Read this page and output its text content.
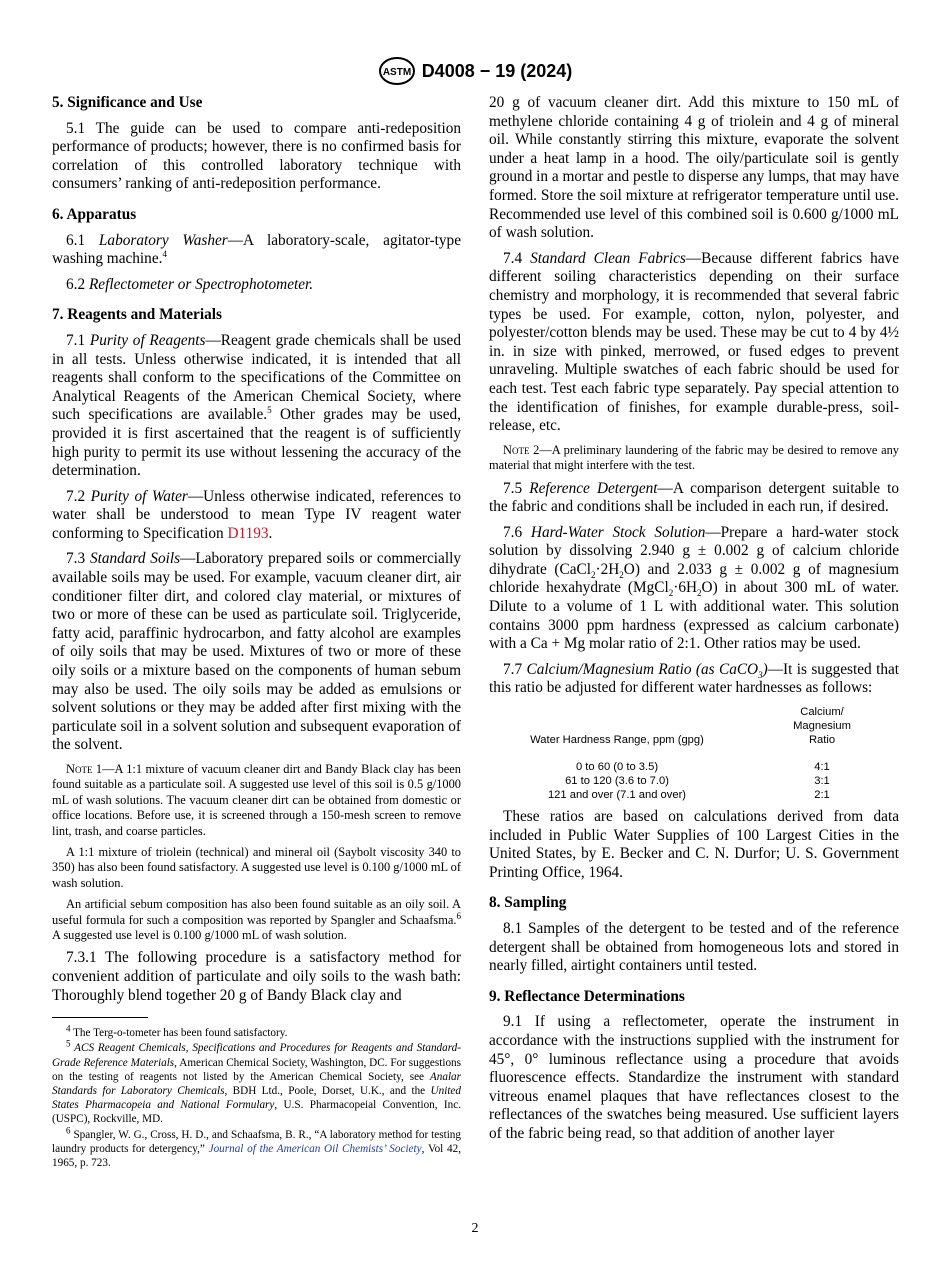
ASTM D4008 − 19 (2024)
5. Significance and Use

5.1 The guide can be used to compare anti-redeposition performance of products; however, there is no confirmed basis for correlation of this controlled laboratory technique with consumers’ ranking of anti-redeposition performance.

6. Apparatus

6.1 Laboratory Washer—A laboratory-scale, agitator-type washing machine.$^4$

6.2 Reflectometer or Spectrophotometer.

7. Reagents and Materials

7.1 Purity of Reagents—Reagent grade chemicals shall be used in all tests. Unless otherwise indicated, it is intended that all reagents shall conform to the specifications of the Committee on Analytical Reagents of the American Chemical Society, where such specifications are available.$^5$ Other grades may be used, provided it is first ascertained that the reagent is of sufficiently high purity to permit its use without lessening the accuracy of the determination.

7.2 Purity of Water—Unless otherwise indicated, references to water shall be understood to mean Type IV reagent water conforming to Specification D1193.

7.3 Standard Soils—Laboratory prepared soils or commercially available soils may be used. For example, vacuum cleaner dirt, air conditioner filter dirt, and colored clay material, or mixtures of two or more of these can be used as particulate soil. Triglyceride, fatty acid, paraffinic hydrocarbon, and fatty alcohol are examples of oily soils that may be used. Mixtures of two or more of these oily soils or a mixture based on the components of human sebum may also be used. The oily soils may be added as emulsions or solvent solutions or they may be added after first mixing with the particulate soil in a solvent solution and subsequent evaporation of the solvent.

Note 1—A 1:1 mixture of vacuum cleaner dirt and Bandy Black clay has been found suitable as a particulate soil. A suggested use level of this soil is 0.5 g/1000 mL of wash solutions. The vacuum cleaner dirt can be obtained from domestic or office locations. Before use, it is screened through a 150-mesh screen to remove lint, trash, and coarse particles.
A 1:1 mixture of triolein (technical) and mineral oil (Saybolt viscosity 340 to 350) has also been found satisfactory. A suggested use level is 0.100 g/1000 mL of wash solution.
An artificial sebum composition has also been found suitable as an oily soil. A useful formula for such a composition was reported by Spangler and Schaafsma.$^6$ A suggested use level is 0.100 g/1000 mL of wash solution.

7.3.1 The following procedure is a satisfactory method for convenient addition of particulate and oily soils to the wash bath: Thoroughly blend together 20 g of Bandy Black clay and

$^4$ The Terg-o-tometer has been found satisfactory.
$^5$ ACS Reagent Chemicals, Specifications and Procedures for Reagents and Standard-Grade Reference Materials, American Chemical Society, Washington, DC. For suggestions on the testing of reagents not listed by the American Chemical Society, see Analar Standards for Laboratory Chemicals, BDH Ltd., Poole, Dorset, U.K., and the United States Pharmacopeia and National Formulary, U.S. Pharmacopeial Convention, Inc. (USPC), Rockville, MD.
$^6$ Spangler, W. G., Cross, H. D., and Schaafsma, B. R., “A laboratory method for testing laundry products for detergency,” Journal of the American Oil Chemists’ Society, Vol 42, 1965, p. 723.

20 g of vacuum cleaner dirt. Add this mixture to 150 mL of methylene chloride containing 4 g of triolein and 4 g of mineral oil. While constantly stirring this mixture, evaporate the solvent under a heat lamp in a hood. The oily/particulate soil is gently ground in a mortar and pestle to disperse any lumps, that may have formed. Store the soil mixture at refrigerator temperature until use. Recommended use level of this combined soil is 0.600 g/1000 mL of wash solution.

7.4 Standard Clean Fabrics—Because different fabrics have different soiling characteristics depending on their surface chemistry and morphology, it is recommended that several fabric types be used. For example, cotton, nylon, polyester, and polyester/cotton blends may be used. These may be cut to 4 by 4½ in. in size with pinked, merrowed, or fused edges to prevent unraveling. Multiple swatches of each fabric should be used for each test. Test each fabric type separately. Pay special attention to the identification of finishes, for example durable-press, soil-release, etc.

Note 2—A preliminary laundering of the fabric may be desired to remove any material that might interfere with the test.

7.5 Reference Detergent—A comparison detergent suitable to the fabric and conditions shall be included in each run, if desired.

7.6 Hard-Water Stock Solution—Prepare a hard-water stock solution by dissolving 2.940 g ± 0.002 g of calcium chloride dihydrate $(CaCl_2\cdot 2H_2O)$ and 2.033 g ± 0.002 g of magnesium chloride hexahydrate $(MgCl_2\cdot 6H_2O)$ in about 300 mL of water. Dilute to a volume of 1 L with additional water. This solution contains 3000 ppm hardness (expressed as calcium carbonate) with a Ca + Mg molar ratio of 2:1. Other ratios may be used.

7.7 Calcium/Magnesium Ratio (as CaCO$_3$)—It is suggested that this ratio be adjusted for different water hardnesses as follows:

Water Hardness Range, ppm (gpg)	Calcium/
Magnesium
Ratio

0 to 60 (0 to 3.5)	4:1
61 to 120 (3.6 to 7.0)	3:1
121 and over (7.1 and over)	2:1

These ratios are based on calculations derived from data included in Public Water Supplies of 100 Largest Cities in the United States, by E. Becker and C. N. Durfor; U. S. Government Printing Office, 1964.

8. Sampling

8.1 Samples of the detergent to be tested and of the reference detergent shall be obtained from homogeneous lots and stored in nearly filled, airtight containers until tested.

9. Reflectance Determinations

9.1 If using a reflectometer, operate the instrument in accordance with the instructions supplied with the instrument for 45°, 0° luminous reflectance using a procedure that avoids fluorescence effects. Standardize the instrument with standard vitreous enamel plaques that have reflectances closest to the reflectances of the swatches being measured. Use sufficient layers of the fabric being read, so that addition of another layer

2
